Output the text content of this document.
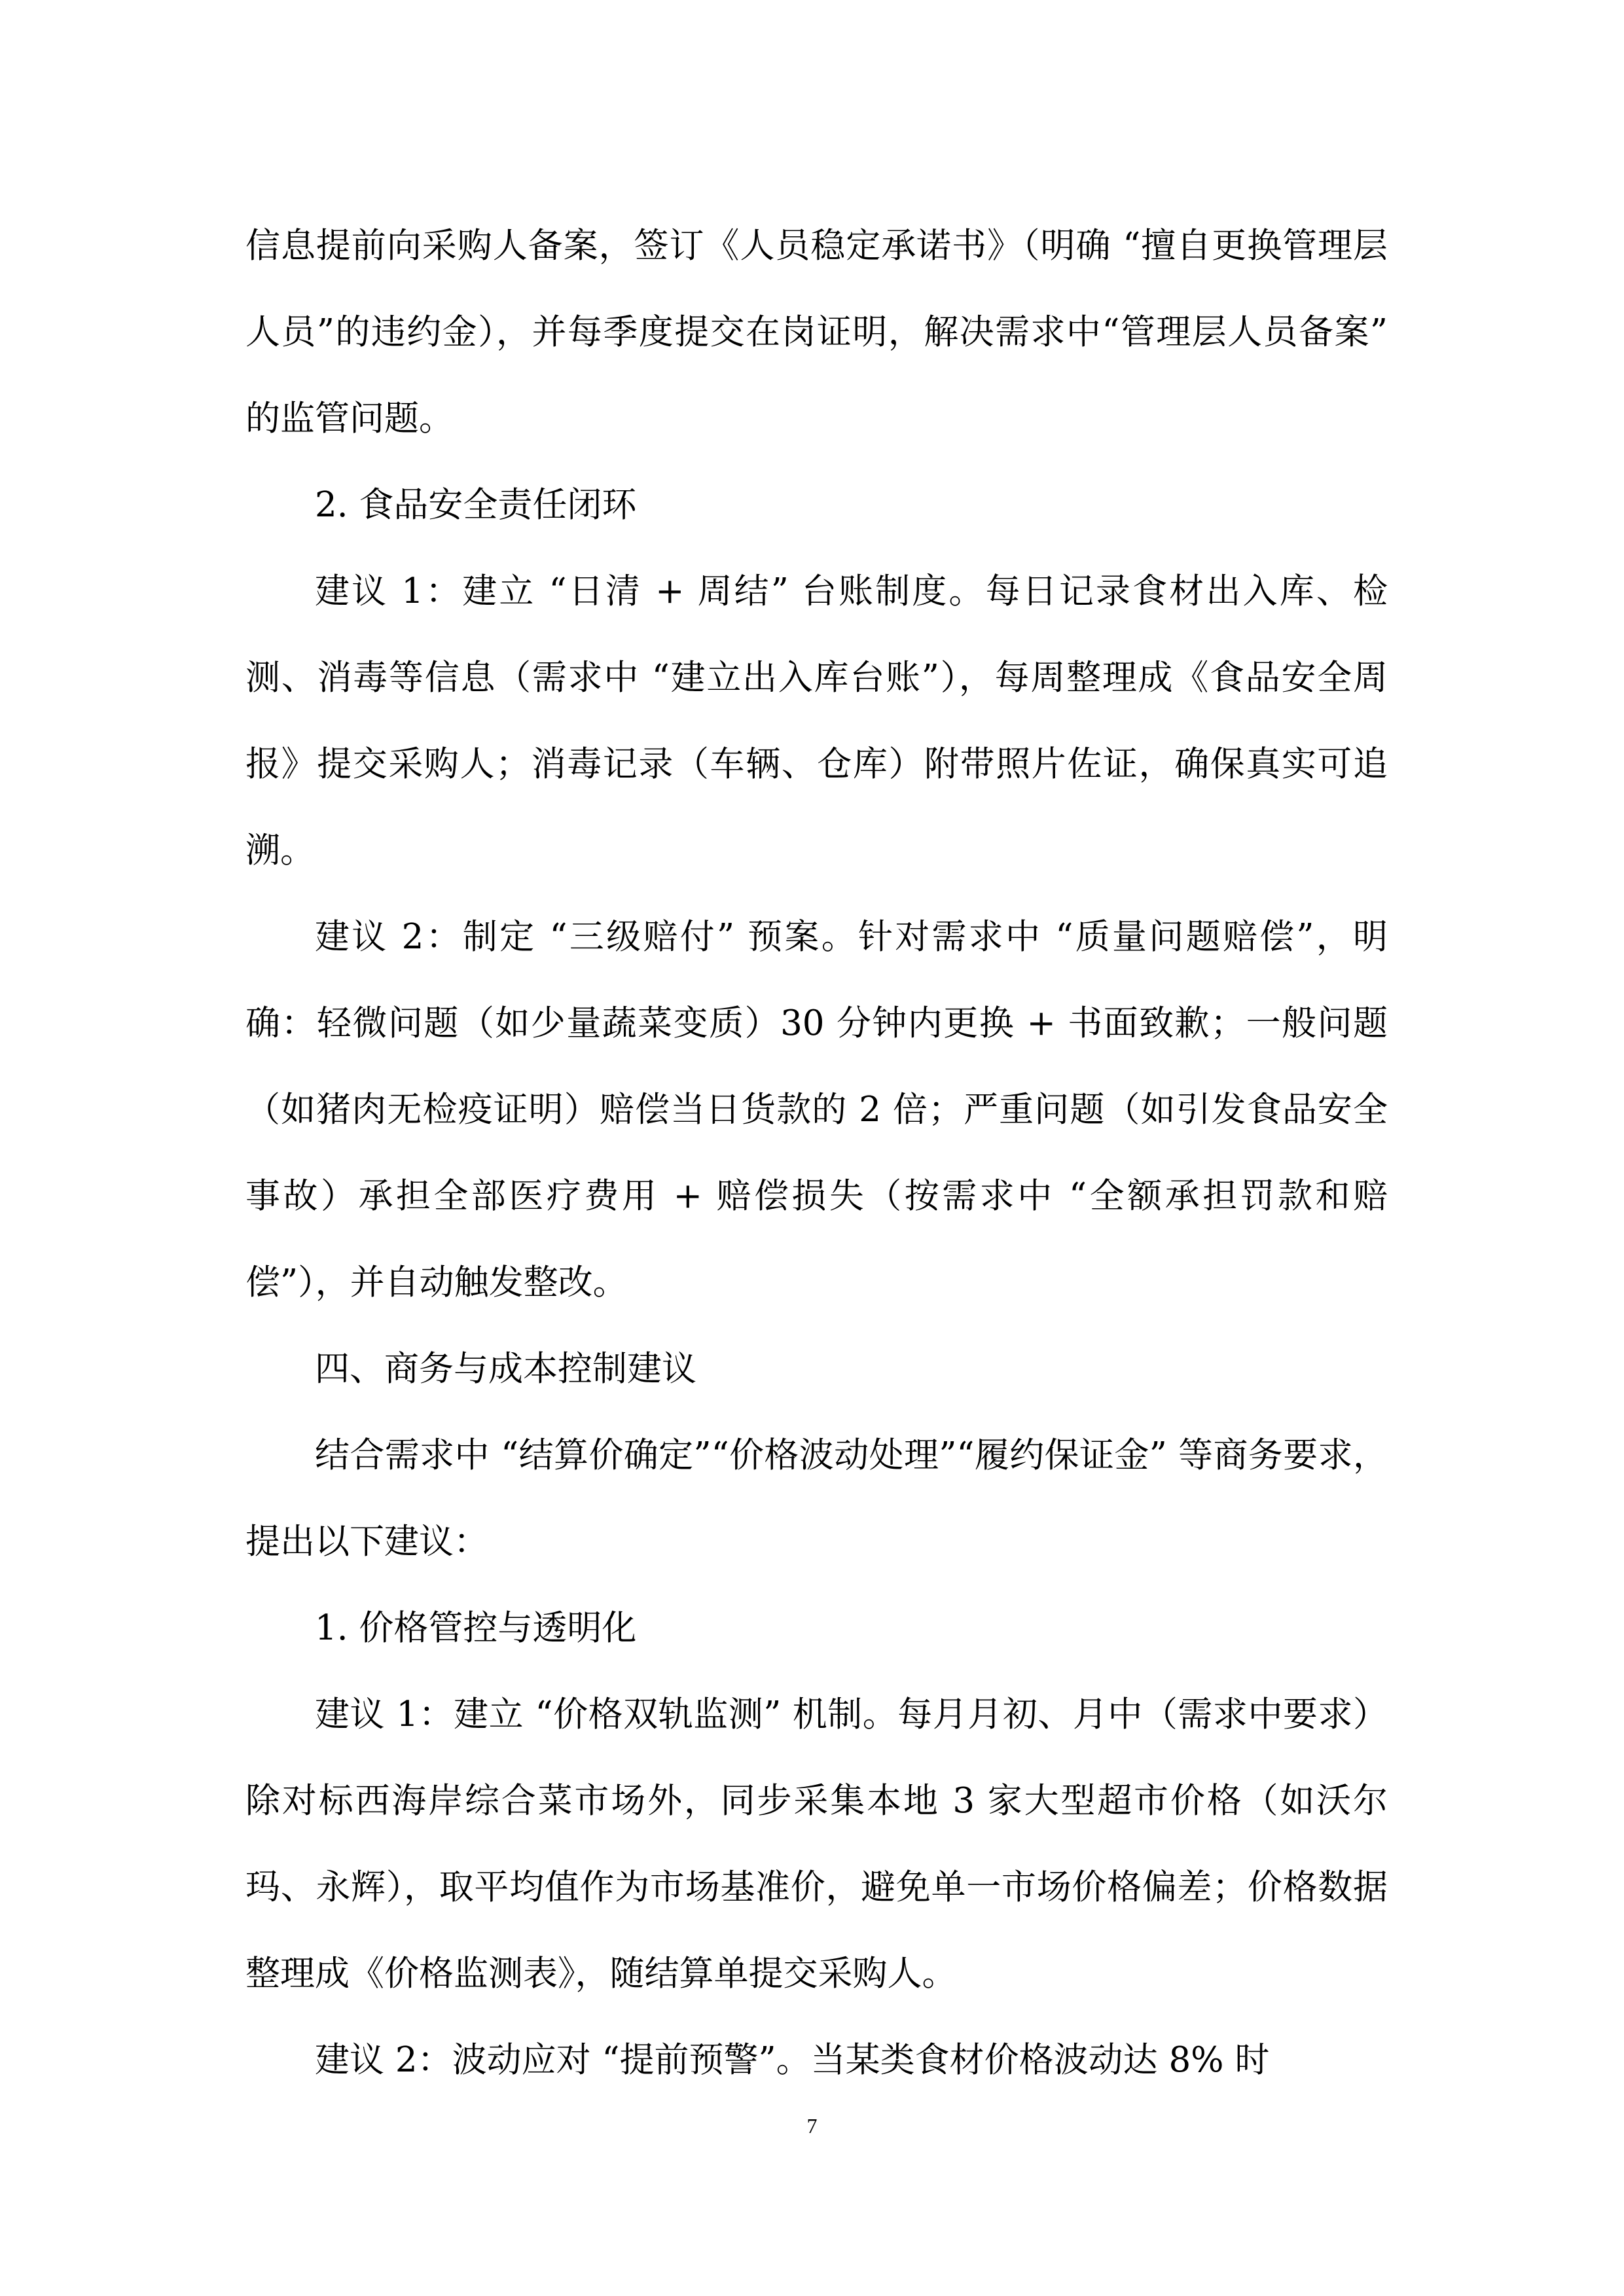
信息提前向采购人备案，签订《人员稳定承诺书》（明确 “擅自更换管理层人员”的违约金），并每季度提交在岗证明，解决需求中“管理层人员备案” 的监管问题。

2. 食品安全责任闭环

建议 1：建立 “日清 + 周结” 台账制度。每日记录食材出入库、检测、消毒等信息（需求中 “建立出入库台账”），每周整理成《食品安全周报》提交采购人；消毒记录（车辆、仓库）附带照片佐证，确保真实可追溯。

建议 2：制定 “三级赔付” 预案。针对需求中 “质量问题赔偿”，明确：轻微问题（如少量蔬菜变质）30 分钟内更换 + 书面致歉；一般问题（如猪肉无检疫证明）赔偿当日货款的 2 倍；严重问题（如引发食品安全事故）承担全部医疗费用 + 赔偿损失（按需求中 “全额承担罚款和赔偿”），并自动触发整改。

四、商务与成本控制建议

结合需求中 “结算价确定”“价格波动处理”“履约保证金” 等商务要求，提出以下建议：

1. 价格管控与透明化

建议 1：建立 “价格双轨监测” 机制。每月月初、月中（需求中要求）除对标西海岸综合菜市场外，同步采集本地 3 家大型超市价格（如沃尔玛、永辉），取平均值作为市场基准价，避免单一市场价格偏差；价格数据整理成《价格监测表》，随结算单提交采购人。

建议 2：波动应对 “提前预警”。当某类食材价格波动达 8% 时

7
